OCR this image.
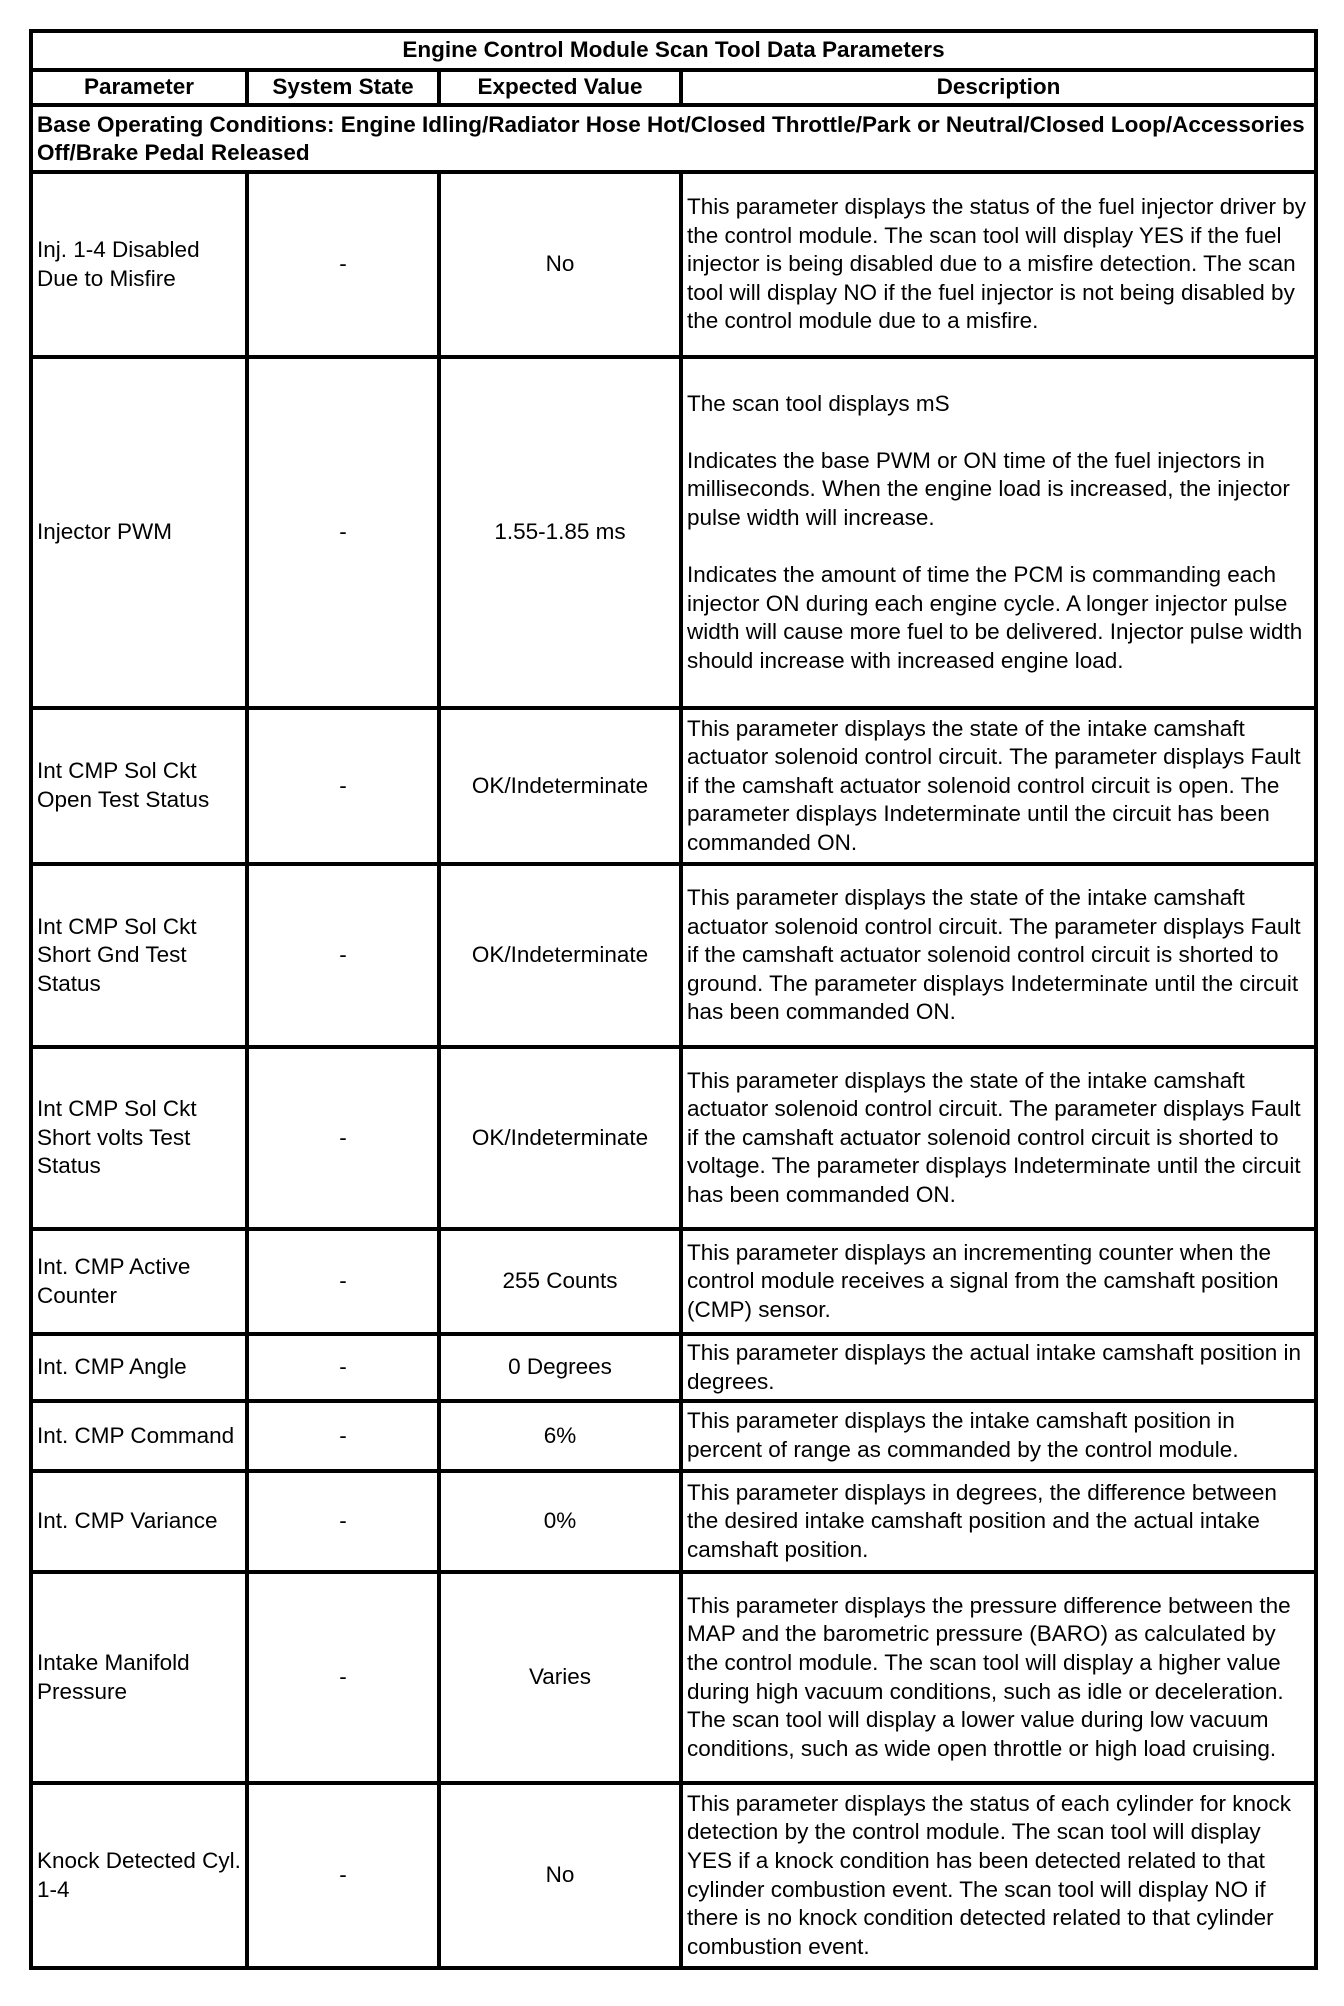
Engine Control Module Scan Tool Data Parameters			
Parameter	System State	Expected Value	Description
Base Operating Conditions: Engine Idling/Radiator Hose Hot/Closed Throttle/Park or Neutral/Closed Loop/Accessories Off/Brake Pedal Released			
Inj. 1-4 Disabled Due to Misfire	-	No	This parameter displays the status of the fuel injector driver by the control module. The scan tool will display YES if the fuel injector is being disabled due to a misfire detection. The scan tool will display NO if the fuel injector is not being disabled by the control module due to a misfire.

Injector PWM	-	1.55-1.85 ms	The scan tool displays mS

Indicates the base PWM or ON time of the fuel injectors in milliseconds. When the engine load is increased, the injector pulse width will increase.

Indicates the amount of time the PCM is commanding each injector ON during each engine cycle. A longer injector pulse width will cause more fuel to be delivered. Injector pulse width should increase with increased engine load.

Int CMP Sol Ckt Open Test Status	-	OK/Indeterminate	This parameter displays the state of the intake camshaft actuator solenoid control circuit. The parameter displays Fault if the camshaft actuator solenoid control circuit is open. The parameter displays Indeterminate until the circuit has been commanded ON.

Int CMP Sol Ckt Short Gnd Test Status	-	OK/Indeterminate	This parameter displays the state of the intake camshaft actuator solenoid control circuit. The parameter displays Fault if the camshaft actuator solenoid control circuit is shorted to ground. The parameter displays Indeterminate until the circuit has been commanded ON.

Int CMP Sol Ckt Short volts Test Status	-	OK/Indeterminate	This parameter displays the state of the intake camshaft actuator solenoid control circuit. The parameter displays Fault if the camshaft actuator solenoid control circuit is shorted to voltage. The parameter displays Indeterminate until the circuit has been commanded ON.

Int. CMP Active Counter	-	255 Counts	This parameter displays an incrementing counter when the control module receives a signal from the camshaft position (CMP) sensor.

Int. CMP Angle	-	0 Degrees	This parameter displays the actual intake camshaft position in degrees.

Int. CMP Command	-	6%	This parameter displays the intake camshaft position in percent of range as commanded by the control module.

Int. CMP Variance	-	0%	This parameter displays in degrees, the difference between the desired intake camshaft position and the actual intake camshaft position.

Intake Manifold Pressure	-	Varies	This parameter displays the pressure difference between the MAP and the barometric pressure (BARO) as calculated by the control module. The scan tool will display a higher value during high vacuum conditions, such as idle or deceleration. The scan tool will display a lower value during low vacuum conditions, such as wide open throttle or high load cruising.

Knock Detected Cyl. 1-4	-	No	This parameter displays the status of each cylinder for knock detection by the control module. The scan tool will display YES if a knock condition has been detected related to that cylinder combustion event. The scan tool will display NO if there is no knock condition detected related to that cylinder combustion event.
